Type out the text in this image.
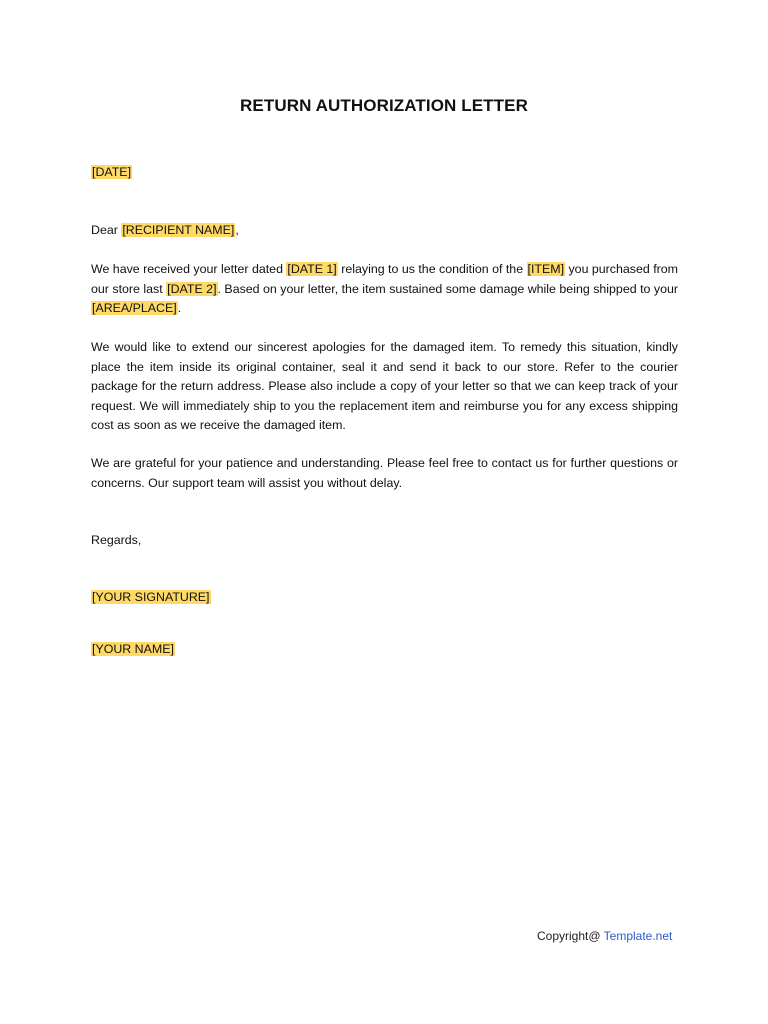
RETURN AUTHORIZATION LETTER
[DATE]
Dear [RECIPIENT NAME],
We have received your letter dated [DATE 1] relaying to us the condition of the [ITEM] you purchased from our store last [DATE 2]. Based on your letter, the item sustained some damage while being shipped to your [AREA/PLACE].
We would like to extend our sincerest apologies for the damaged item. To remedy this situation, kindly place the item inside its original container, seal it and send it back to our store. Refer to the courier package for the return address. Please also include a copy of your letter so that we can keep track of your request. We will immediately ship to you the replacement item and reimburse you for any excess shipping cost as soon as we receive the damaged item.
We are grateful for your patience and understanding. Please feel free to contact us for further questions or concerns. Our support team will assist you without delay.
Regards,
[YOUR SIGNATURE]
[YOUR NAME]
Copyright@ Template.net
